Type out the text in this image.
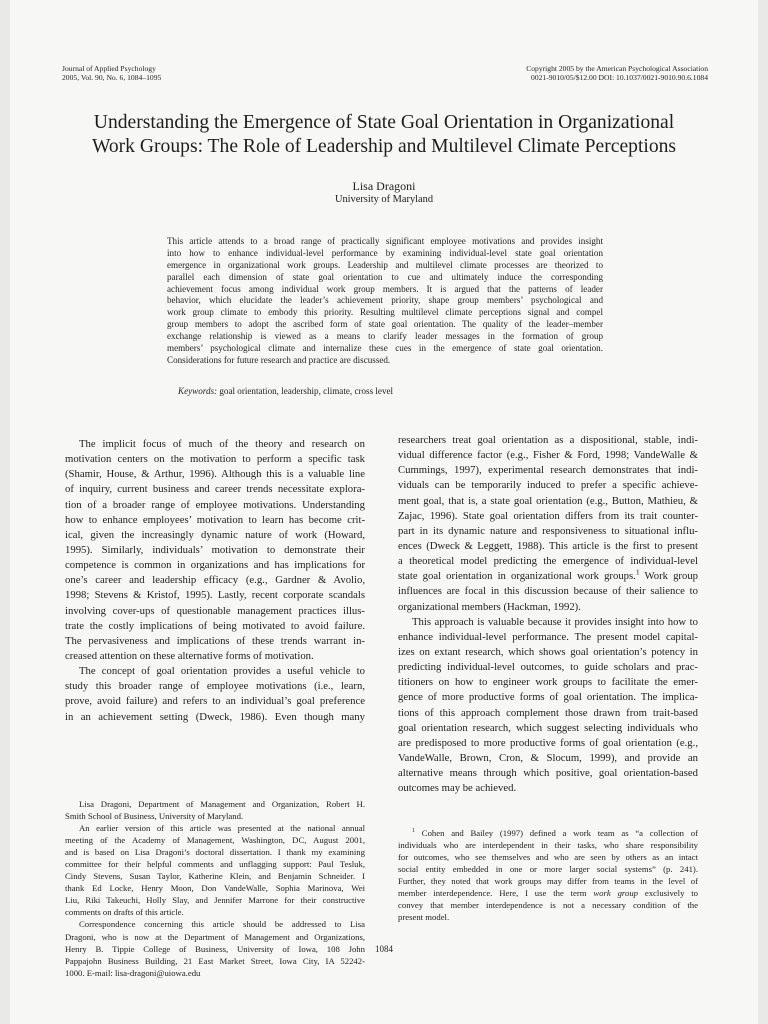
Journal of Applied Psychology
2005, Vol. 90, No. 6, 1084–1095
Copyright 2005 by the American Psychological Association
0021-9010/05/$12.00 DOI: 10.1037/0021-9010.90.6.1084
Understanding the Emergence of State Goal Orientation in Organizational
Work Groups: The Role of Leadership and Multilevel Climate Perceptions
Lisa Dragoni
University of Maryland
This article attends to a broad range of practically significant employee motivations and provides insight
into how to enhance individual-level performance by examining individual-level state goal orientation
emergence in organizational work groups. Leadership and multilevel climate processes are theorized to
parallel each dimension of state goal orientation to cue and ultimately induce the corresponding
achievement focus among individual work group members. It is argued that the patterns of leader
behavior, which elucidate the leader’s achievement priority, shape group members’ psychological and
work group climate to embody this priority. Resulting multilevel climate perceptions signal and compel
group members to adopt the ascribed form of state goal orientation. The quality of the leader–member
exchange relationship is viewed as a means to clarify leader messages in the formation of group
members’ psychological climate and internalize these cues in the emergence of state goal orientation.
Considerations for future research and practice are discussed.
Keywords: goal orientation, leadership, climate, cross level
The implicit focus of much of the theory and research on
motivation centers on the motivation to perform a specific task
(Shamir, House, & Arthur, 1996). Although this is a valuable line
of inquiry, current business and career trends necessitate explora-
tion of a broader range of employee motivations. Understanding
how to enhance employees’ motivation to learn has become crit-
ical, given the increasingly dynamic nature of work (Howard,
1995). Similarly, individuals’ motivation to demonstrate their
competence is common in organizations and has implications for
one’s career and leadership efficacy (e.g., Gardner & Avolio,
1998; Stevens & Kristof, 1995). Lastly, recent corporate scandals
involving cover-ups of questionable management practices illus-
trate the costly implications of being motivated to avoid failure.
The pervasiveness and implications of these trends warrant in-
creased attention on these alternative forms of motivation.
The concept of goal orientation provides a useful vehicle to
study this broader range of employee motivations (i.e., learn,
prove, avoid failure) and refers to an individual’s goal preference
in an achievement setting (Dweck, 1986). Even though many
Lisa Dragoni, Department of Management and Organization, Robert H.
Smith School of Business, University of Maryland.
An earlier version of this article was presented at the national annual
meeting of the Academy of Management, Washington, DC, August 2001,
and is based on Lisa Dragoni’s doctoral dissertation. I thank my examining
committee for their helpful comments and unflagging support: Paul Tesluk,
Cindy Stevens, Susan Taylor, Katherine Klein, and Benjamin Schneider. I
thank Ed Locke, Henry Moon, Don VandeWalle, Sophia Marinova, Wei
Liu, Riki Takeuchi, Holly Slay, and Jennifer Marrone for their constructive
comments on drafts of this article.
Correspondence concerning this article should be addressed to Lisa
Dragoni, who is now at the Department of Management and Organizations,
Henry B. Tippie College of Business, University of Iowa, 108 John
Pappajohn Business Building, 21 East Market Street, Iowa City, IA 52242-
1000. E-mail: lisa-dragoni@uiowa.edu
researchers treat goal orientation as a dispositional, stable, indi-
vidual difference factor (e.g., Fisher & Ford, 1998; VandeWalle &
Cummings, 1997), experimental research demonstrates that indi-
viduals can be temporarily induced to prefer a specific achieve-
ment goal, that is, a state goal orientation (e.g., Button, Mathieu, &
Zajac, 1996). State goal orientation differs from its trait counter-
part in its dynamic nature and responsiveness to situational influ-
ences (Dweck & Leggett, 1988). This article is the first to present
a theoretical model predicting the emergence of individual-level
state goal orientation in organizational work groups.$^1$ Work group
influences are focal in this discussion because of their salience to
organizational members (Hackman, 1992).
This approach is valuable because it provides insight into how to
enhance individual-level performance. The present model capital-
izes on extant research, which shows goal orientation’s potency in
predicting individual-level outcomes, to guide scholars and prac-
titioners on how to engineer work groups to facilitate the emer-
gence of more productive forms of goal orientation. The implica-
tions of this approach complement those drawn from trait-based
goal orientation research, which suggest selecting individuals who
are predisposed to more productive forms of goal orientation (e.g.,
VandeWalle, Brown, Cron, & Slocum, 1999), and provide an
alternative means through which positive, goal orientation-based
outcomes may be achieved.
$^1$ Cohen and Bailey (1997) defined a work team as “a collection of
individuals who are interdependent in their tasks, who share responsibility
for outcomes, who see themselves and who are seen by others as an intact
social entity embedded in one or more larger social systems” (p. 241).
Further, they noted that work groups may differ from teams in the level of
member interdependence. Here, I use the term work group exclusively to
convey that member interdependence is not a necessary condition of the
present model.
1084
